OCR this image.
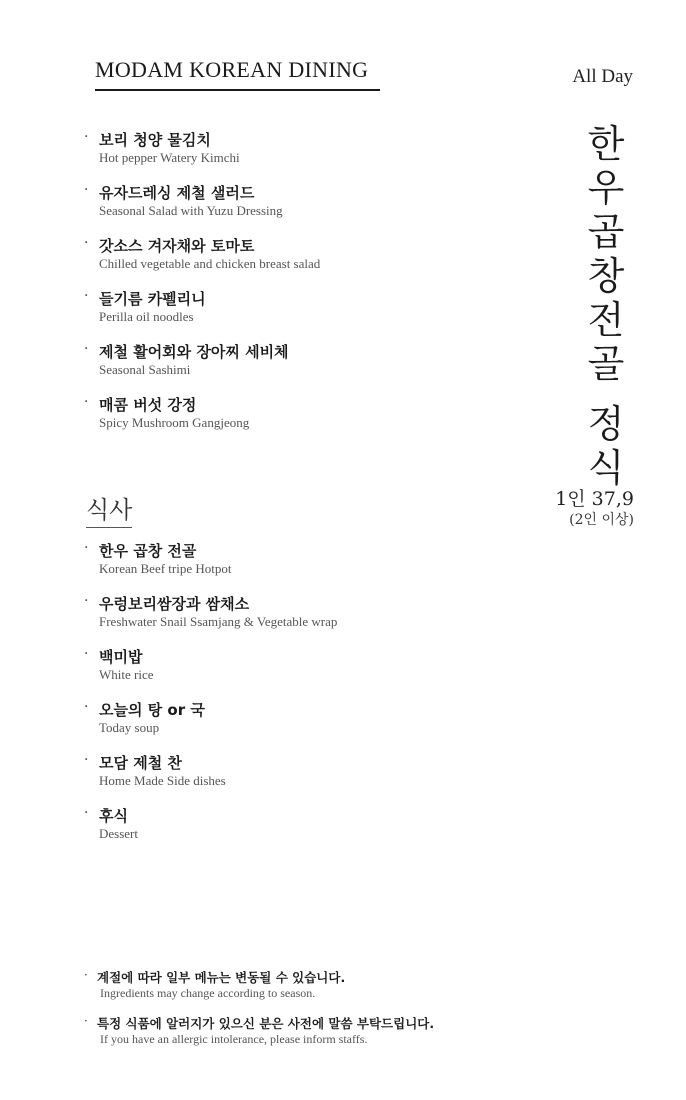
MODAM KOREAN DINING	All Day
한
우
곱
창
전
골
정
식
1인 37,9
(2인 이상)
· 보리 청양 물김치
Hot pepper Watery Kimchi
· 유자드레싱 제철 샐러드
Seasonal Salad with Yuzu Dressing
· 갓소스 겨자채와 토마토
Chilled vegetable and chicken breast salad
· 들기름 카펠리니
Perilla oil noodles
· 제철 활어회와 장아찌 세비체
Seasonal Sashimi
· 매콤 버섯 강정
Spicy Mushroom Gangjeong
식사
· 한우 곱창 전골
Korean Beef tripe Hotpot
· 우렁보리쌈장과 쌈채소
Freshwater Snail Ssamjang & Vegetable wrap
· 백미밥
White rice
· 오늘의 탕 or 국
Today soup
· 모담 제철 찬
Home Made Side dishes
· 후식
Dessert
· 계절에 따라 일부 메뉴는 변동될 수 있습니다.
Ingredients may change according to season.
· 특정 식품에 알러지가 있으신 분은 사전에 말씀 부탁드립니다.
If you have an allergic intolerance, please inform staffs.
